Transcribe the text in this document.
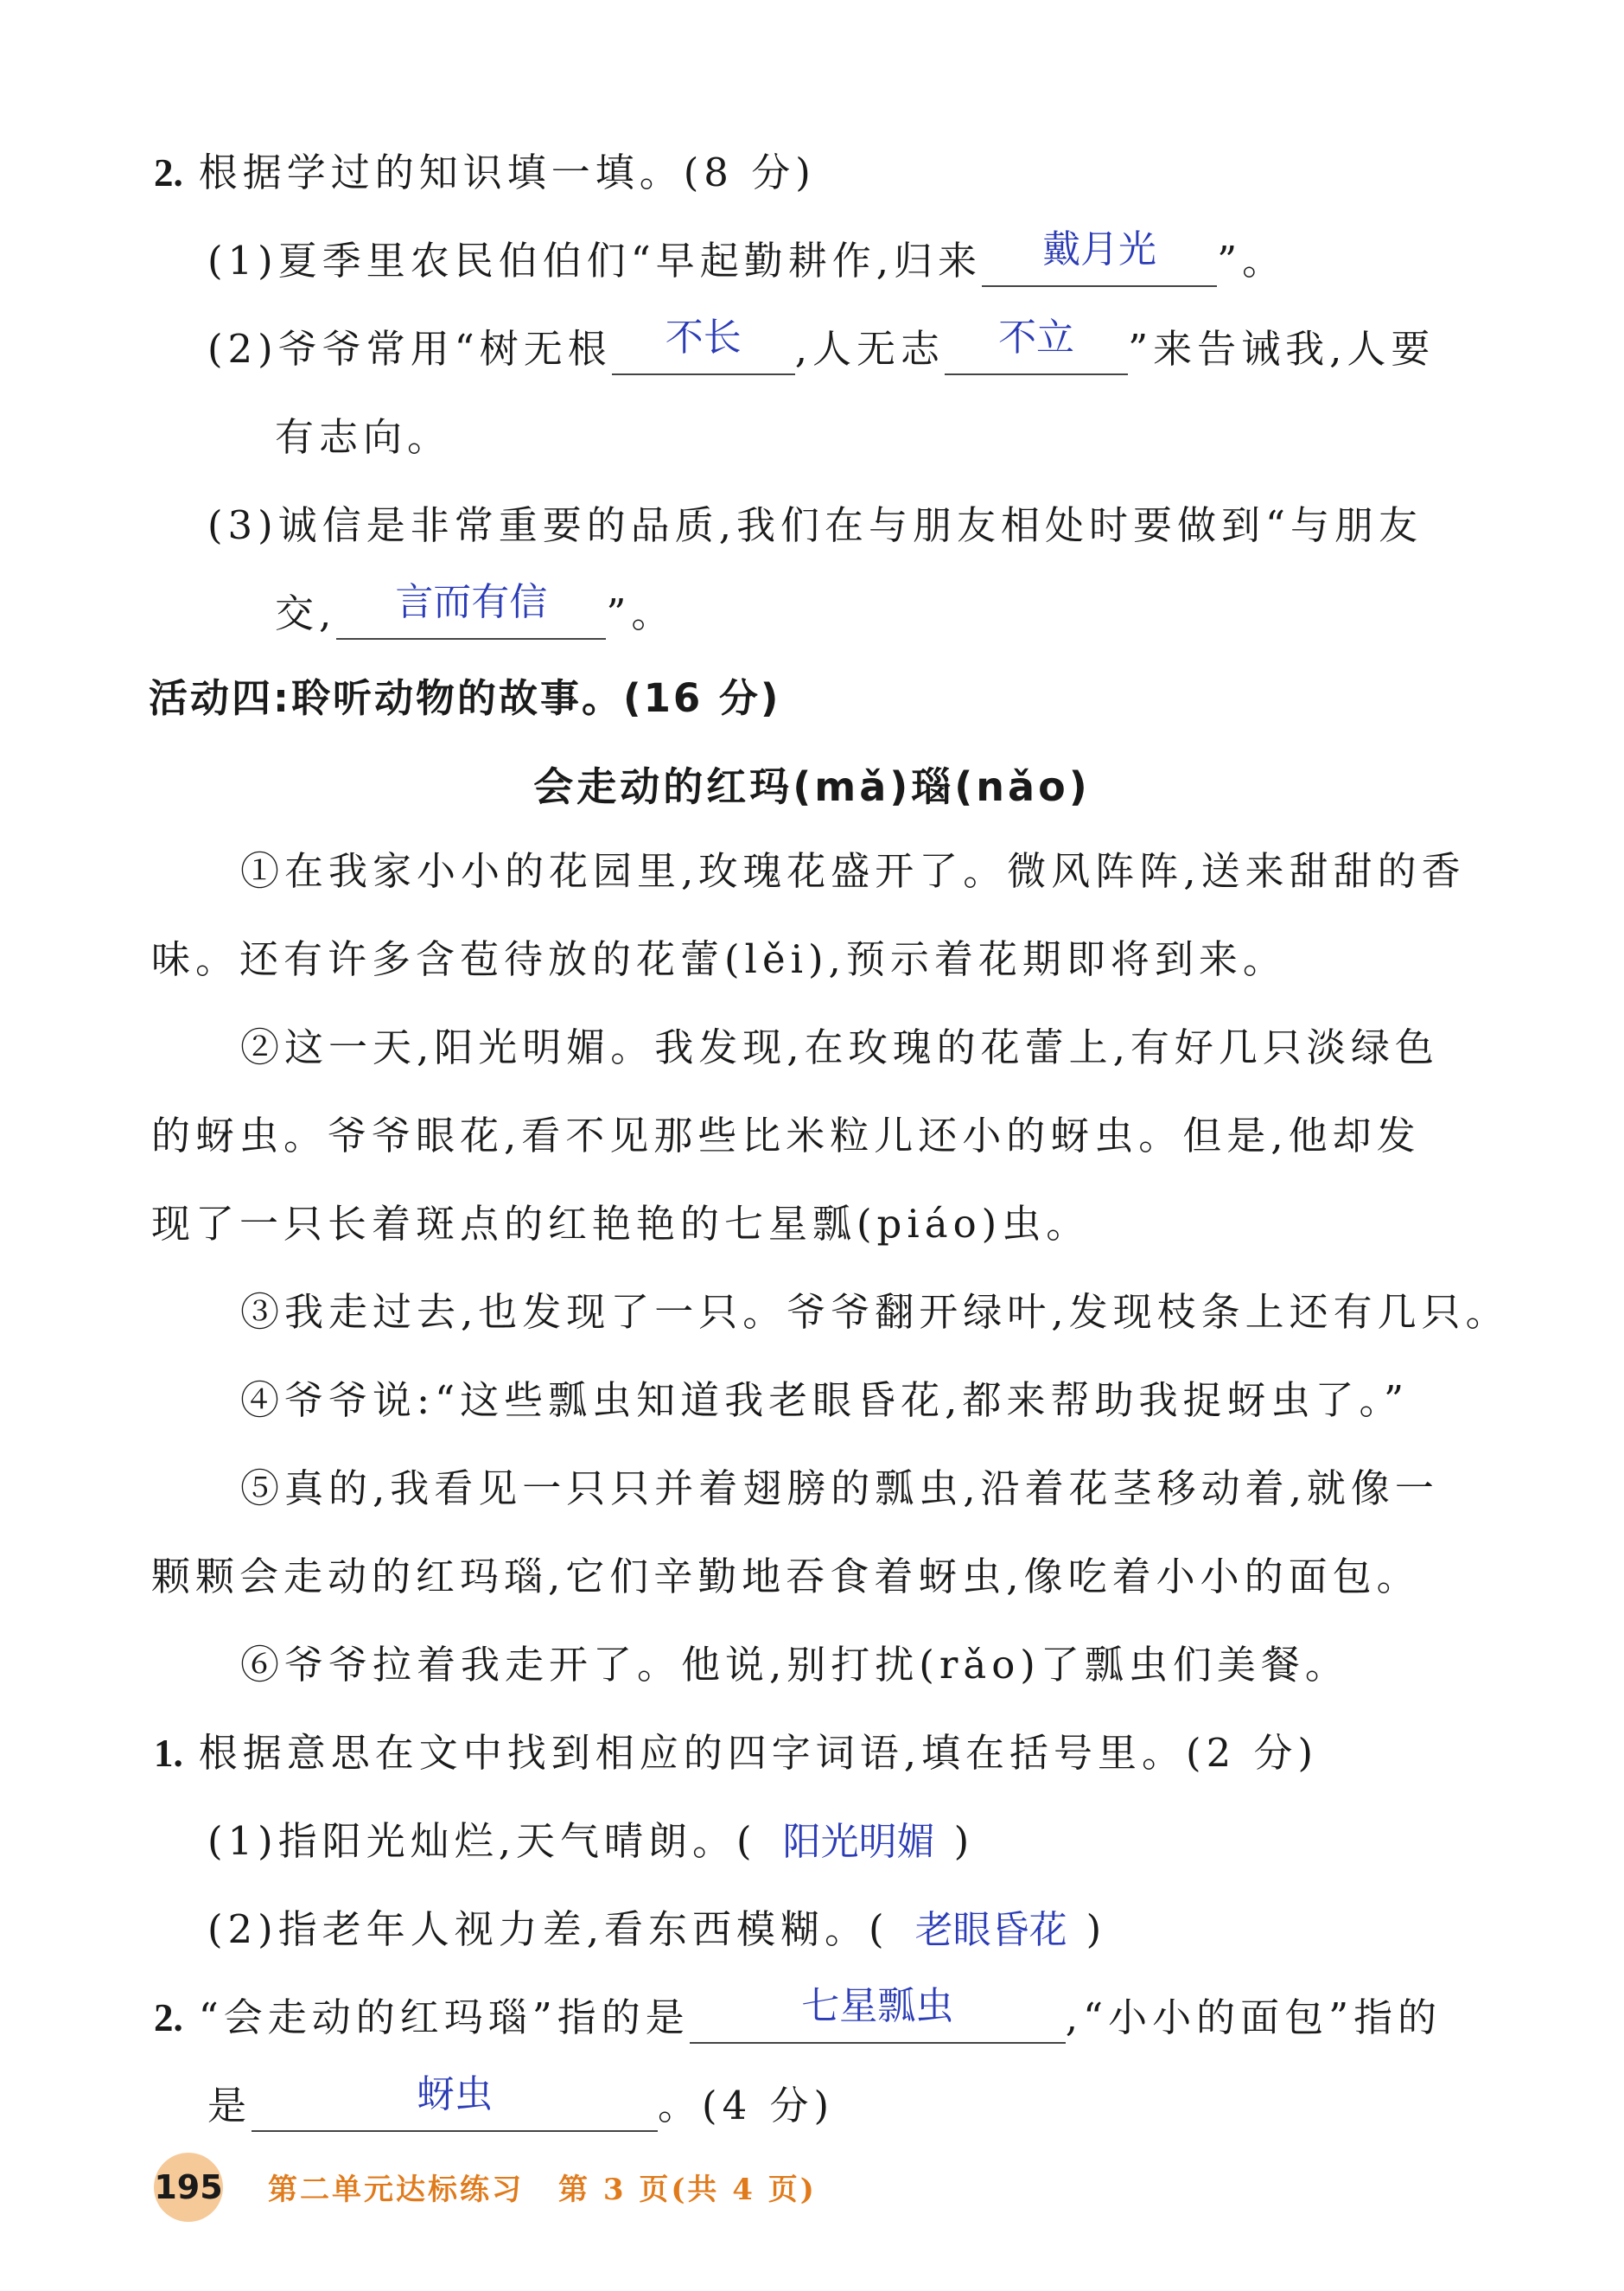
2. 根据学过的知识填一填。(8 分)
(1)夏季里农民伯伯们“早起勤耕作,归来 戴月光 ”。
(2)爷爷常用“树无根 不长 ,人无志 不立 ”来告诫我,人要
有志向。
(3)诚信是非常重要的品质,我们在与朋友相处时要做到“与朋友
交, 言而有信 ”。
活动四:聆听动物的故事。(16 分)
会走动的红玛(mǎ)瑙(nǎo)
①在我家小小的花园里,玫瑰花盛开了。微风阵阵,送来甜甜的香
味。还有许多含苞待放的花蕾(lěi),预示着花期即将到来。
②这一天,阳光明媚。我发现,在玫瑰的花蕾上,有好几只淡绿色
的蚜虫。爷爷眼花,看不见那些比米粒儿还小的蚜虫。但是,他却发
现了一只长着斑点的红艳艳的七星瓢(piáo)虫。
③我走过去,也发现了一只。爷爷翻开绿叶,发现枝条上还有几只。
④爷爷说:“这些瓢虫知道我老眼昏花,都来帮助我捉蚜虫了。”
⑤真的,我看见一只只并着翅膀的瓢虫,沿着花茎移动着,就像一
颗颗会走动的红玛瑙,它们辛勤地吞食着蚜虫,像吃着小小的面包。
⑥爷爷拉着我走开了。他说,别打扰(rǎo)了瓢虫们美餐。
1. 根据意思在文中找到相应的四字词语,填在括号里。(2 分)
(1)指阳光灿烂,天气晴朗。( 阳光明媚 )
(2)指老年人视力差,看东西模糊。( 老眼昏花 )
2. “会走动的红玛瑙”指的是	七星瓢虫	,“小小的面包”指的
是	蚜虫	。(4 分)
195 第二单元达标练习 第 3 页(共 4 页)
